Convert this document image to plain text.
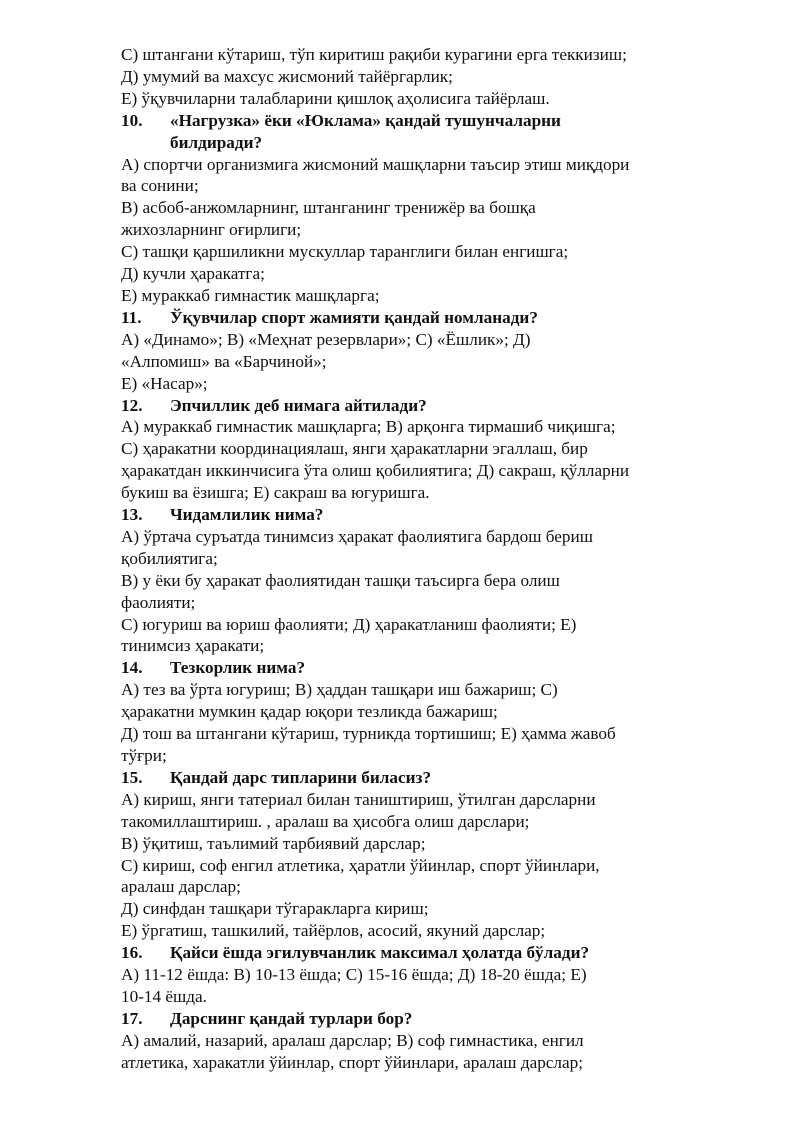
С) штангани кўтариш, тўп киритиш рақиби курагини ерга теккизиш;
Д) умумий ва махсус жисмоний тайёргарлик;
Е) ўқувчиларни талабларини қишлоқ аҳолисига тайёрлаш.
10. «Нагрузка» ёки «Юклама» қандай тушунчаларни
билдиради?
А) спортчи организмига жисмоний машқларни таъсир этиш миқдори
ва сонини;
В) асбоб-анжомларнинг, штангaнинг тренижёр ва бошқа
жихозларнинг оғирлиги;
С) ташқи қаршиликни мускуллар таранглиги билан енгишга;
Д) кучли ҳаракатга;
Е) мураккаб гимнастик машқларга;
11. Ўқувчилар спорт жамияти қандай номланади?
А) «Динамо»; В) «Меҳнат резервлари»; С) «Ёшлик»; Д)
«Алпомиш» ва «Барчиной»;
Е) «Насар»;
12. Эпчиллик деб нимага айтилади?
А) мураккаб гимнастик машқларга; В) арқонга тирмашиб чиқишга;
С) ҳаракатни координациялаш, янги ҳаракатларни эгаллаш, бир
ҳаракатдан иккинчисига ўта олиш қобилиятига; Д) сакраш, қўлларни
букиш ва ёзишга; Е) сакраш ва югуришга.
13. Чидамлилик нима?
А) ўртача суръатда тинимсиз ҳаракат фаолиятига бардош бериш
қобилиятига;
В) у ёки бу ҳаракат фаолиятидан ташқи таъсирга бера олиш
фаолияти;
С) югуриш ва юриш фаолияти; Д) ҳаракатланиш фаолияти; Е)
тинимсиз ҳаракати;
14. Тезкорлик нима?
А) тез ва ўрта югуриш; В) ҳаддан ташқари иш бажариш; С)
ҳаракатни мумкин қадар юқори тезликда бажариш;
Д) тош ва штангани кўтариш, турникда тортишиш; Е) ҳамма жавоб
тўғри;
15. Қандай дарс типларини биласиз?
А) кириш, янги татериал билан таништириш, ўтилган дарсларни
такомиллаштириш. , аралаш ва ҳисобга олиш дарслари;
В) ўқитиш, таълимий тарбиявий дарслар;
С) кириш, соф енгил атлетика, ҳаратли ўйинлар, спорт ўйинлари,
аралаш дарслар;
Д) синфдан ташқари тўгаракларга кириш;
Е) ўргатиш, ташкилий, тайёрлов, асосий, якуний дарслар;
16. Қайси ёшда эгилувчанлик максимал ҳолатда бўлади?
А) 11-12 ёшда: В) 10-13 ёшда; С) 15-16 ёшда; Д) 18-20 ёшда; Е)
10-14 ёшда.
17. Дарснинг қандай турлари бор?
А) амалий, назарий, аралаш дарслар; В) соф гимнастика, енгил
атлетика, харакатли ўйинлар, спорт ўйинлари, аралаш дарслар;
